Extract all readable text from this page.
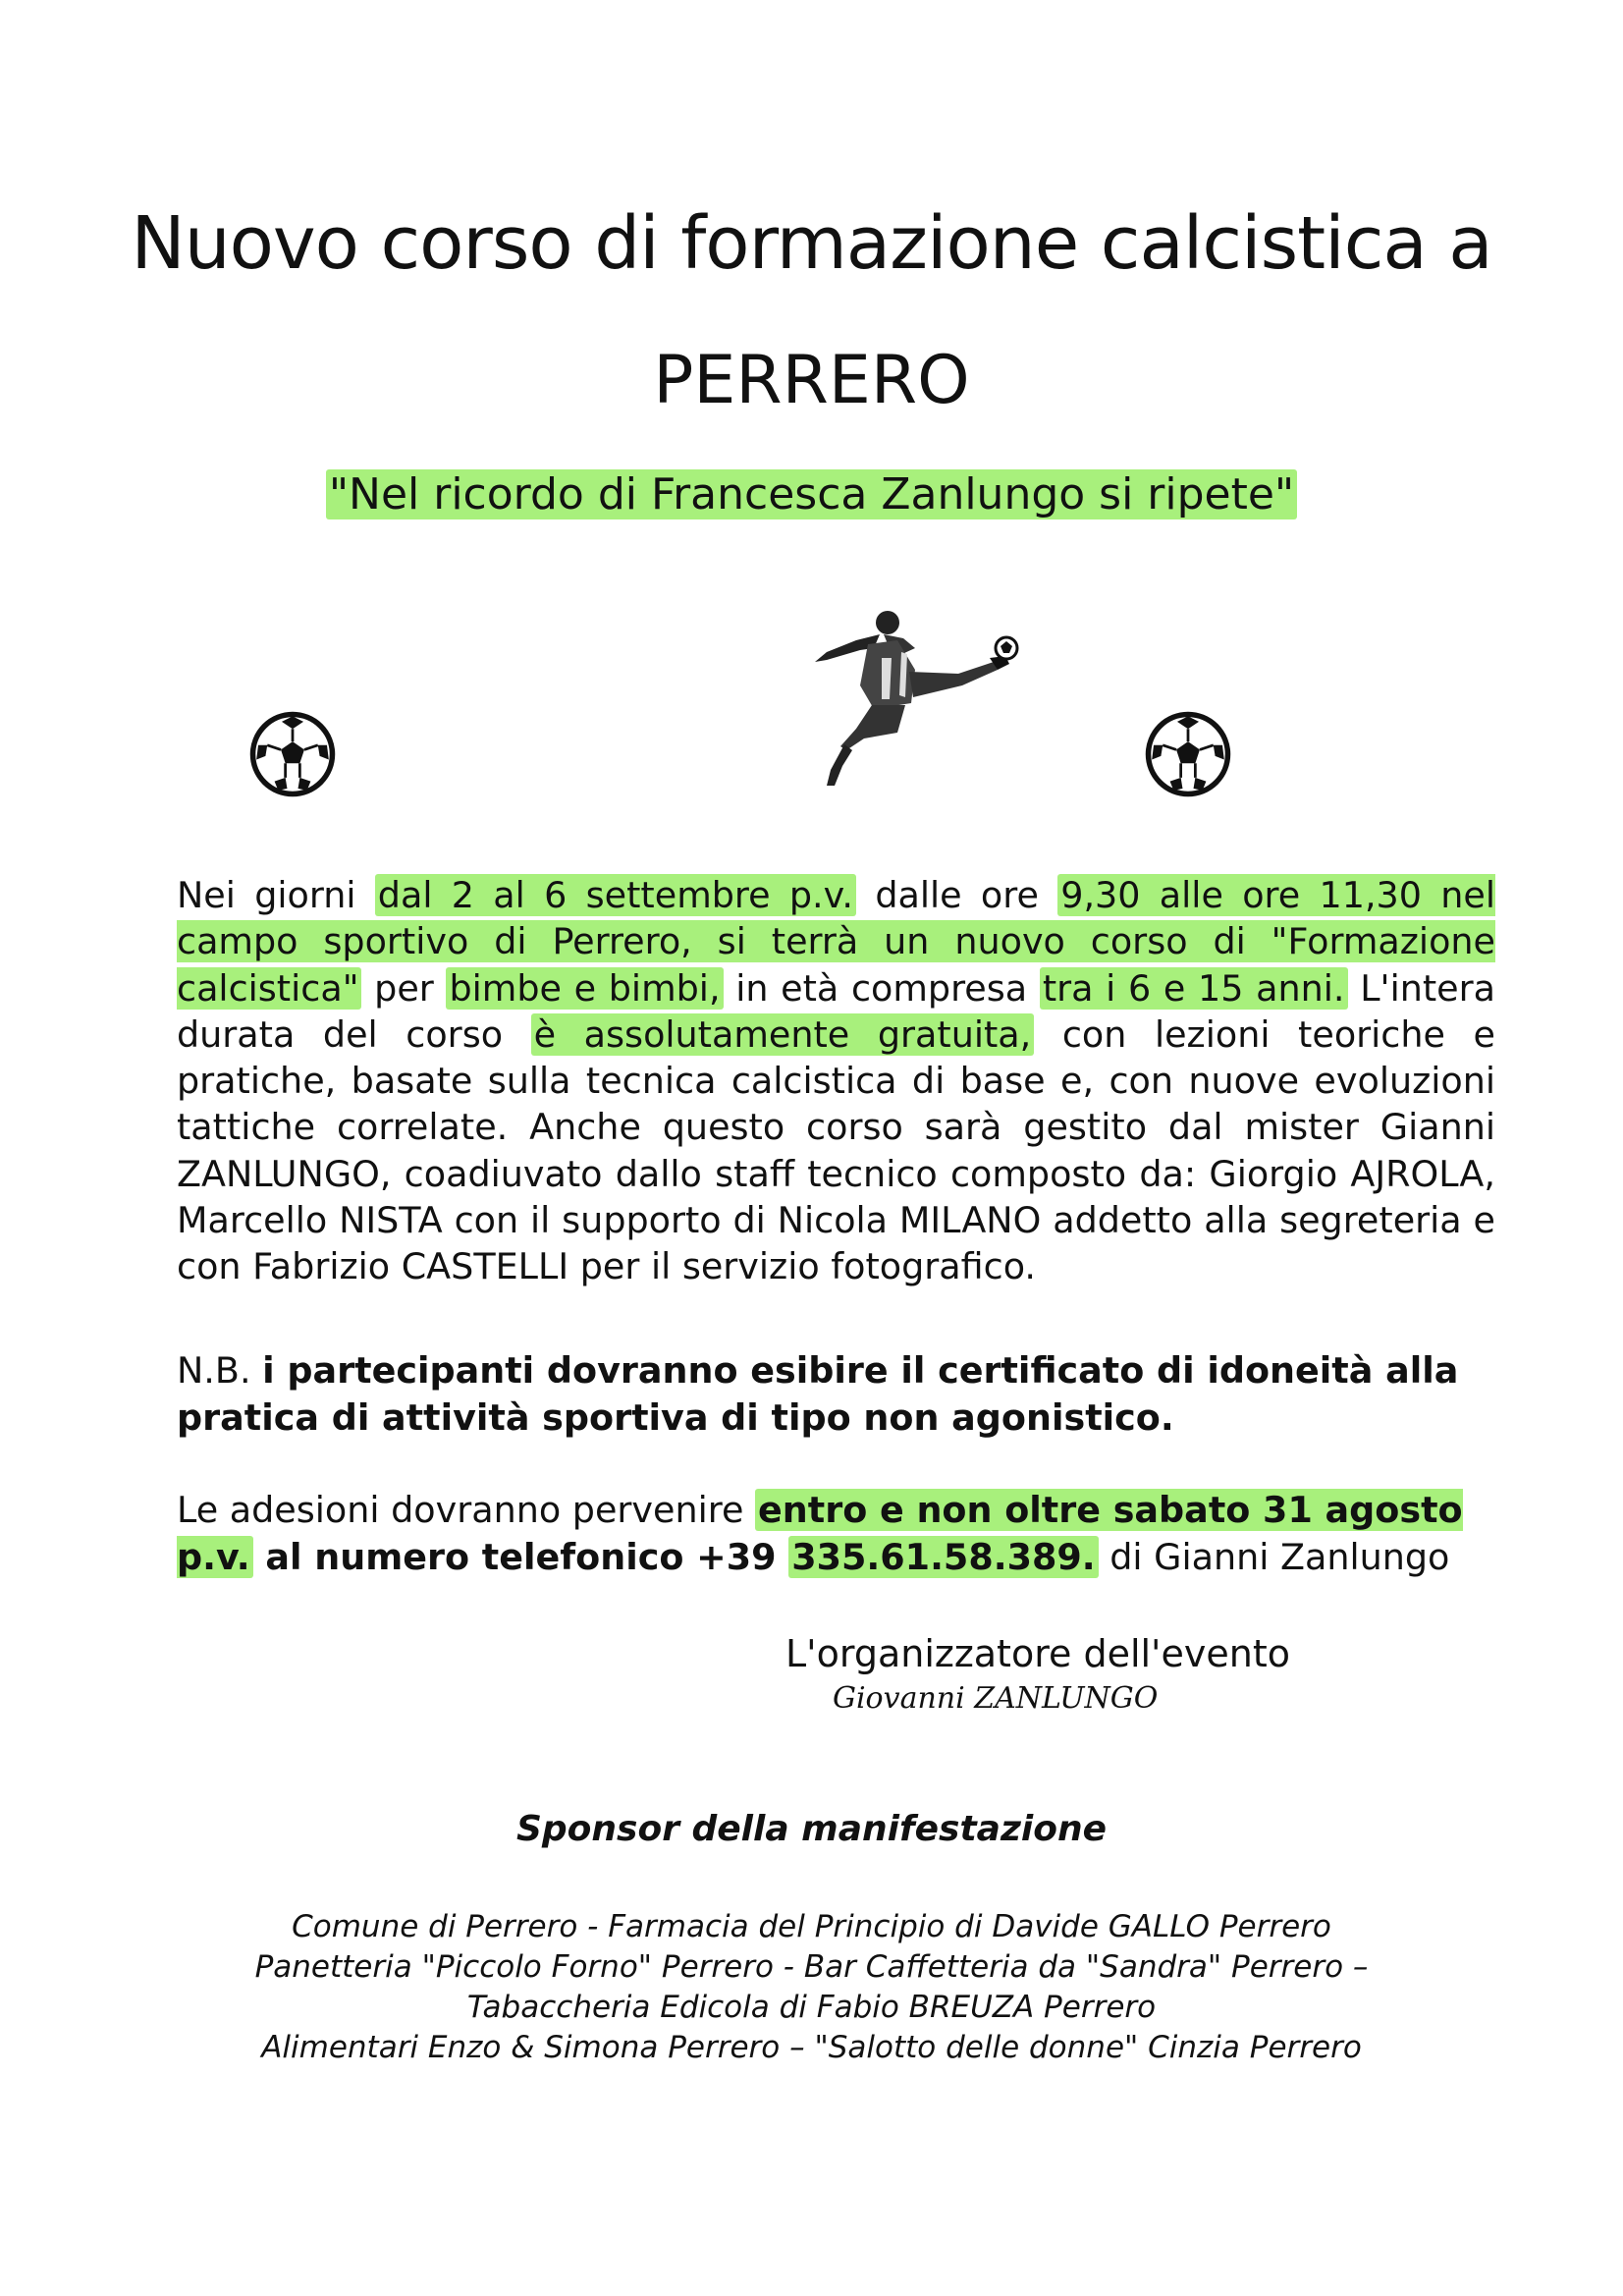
Nuovo corso di formazione calcistica a
PERRERO
"Nel ricordo di Francesca Zanlungo si ripete"

Nei giorni dal 2 al 6 settembre p.v. dalle ore 9,30 alle ore 11,30 nel campo sportivo di Perrero, si terrà un nuovo corso di "Formazione calcistica" per bimbe e bimbi, in età compresa tra i 6 e 15 anni. L'intera durata del corso è assolutamente gratuita, con lezioni teoriche e pratiche, basate sulla tecnica calcistica di base e, con nuove evoluzioni tattiche correlate. Anche questo corso sarà gestito dal mister Gianni ZANLUNGO, coadiuvato dallo staff tecnico composto da: Giorgio AJROLA, Marcello NISTA con il supporto di Nicola MILANO addetto alla segreteria e con Fabrizio CASTELLI per il servizio fotografico.

N.B. i partecipanti dovranno esibire il certificato di idoneità alla pratica di attività sportiva di tipo non agonistico.

Le adesioni dovranno pervenire entro e non oltre sabato 31 agosto p.v. al numero telefonico +39 335.61.58.389. di Gianni Zanlungo

L'organizzatore dell'evento
Giovanni ZANLUNGO
Sponsor della manifestazione
Comune di Perrero - Farmacia del Principio di Davide GALLO Perrero
Panetteria "Piccolo Forno" Perrero - Bar Caffetteria da "Sandra" Perrero –
Tabaccheria Edicola di Fabio BREUZA Perrero
Alimentari Enzo & Simona Perrero – "Salotto delle donne" Cinzia Perrero
